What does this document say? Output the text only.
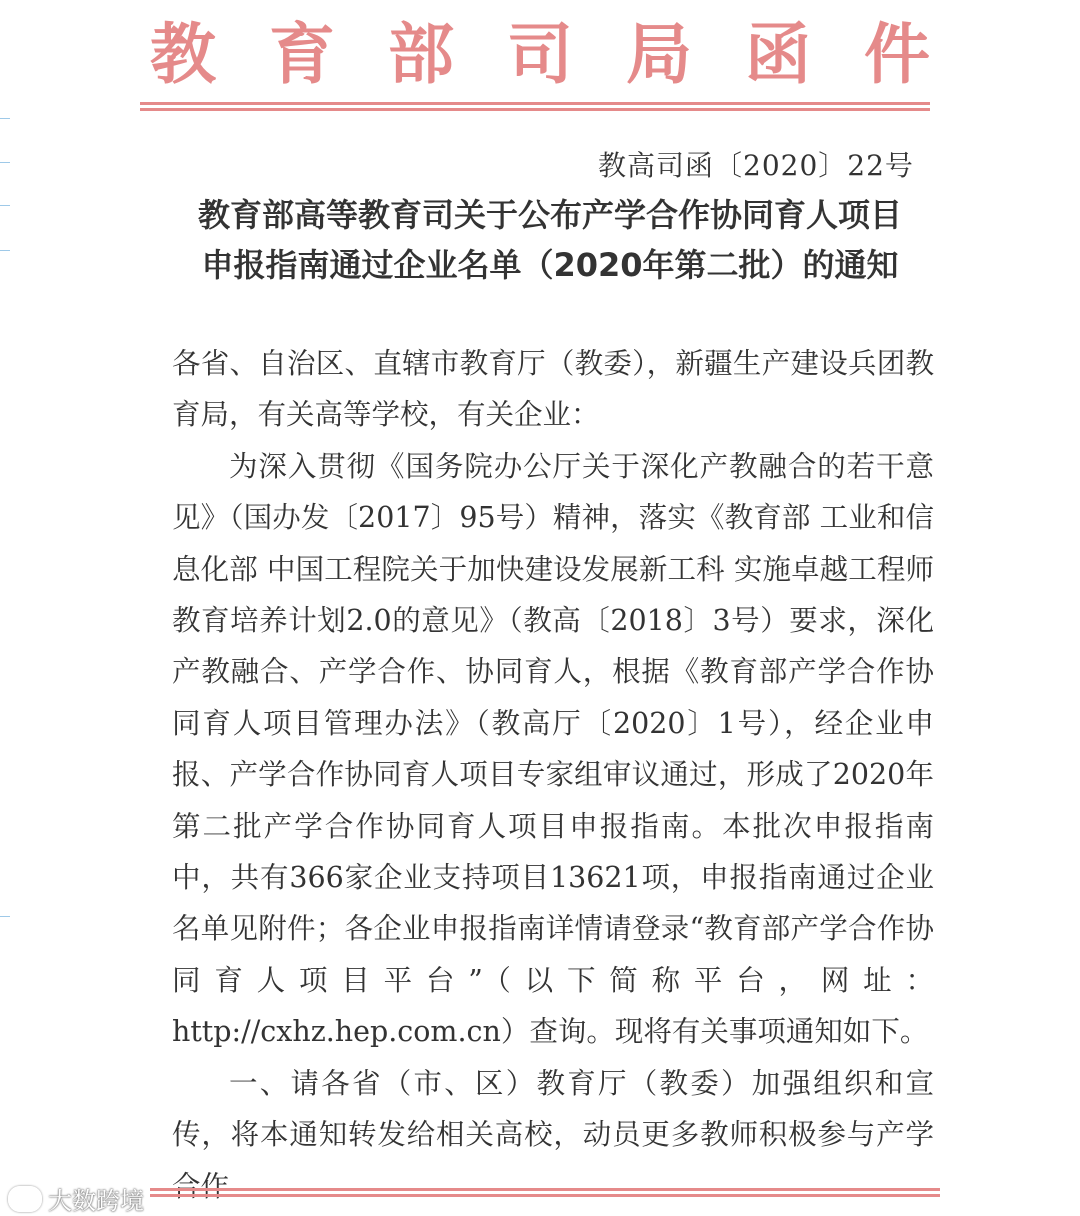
教 育 部 司 局 函 件
教高司函〔2020〕22号
教育部高等教育司关于公布产学合作协同育人项目
申报指南通过企业名单（2020年第二批）的通知

各省、自治区、直辖市教育厅（教委），新疆生产建设兵团教育局，有关高等学校，有关企业：

为深入贯彻《国务院办公厅关于深化产教融合的若干意见》（国办发〔2017〕95号）精神，落实《教育部 工业和信息化部 中国工程院关于加快建设发展新工科 实施卓越工程师教育培养计划2.0的意见》（教高〔2018〕3号）要求，深化产教融合、产学合作、协同育人，根据《教育部产学合作协同育人项目管理办法》（教高厅〔2020〕1号），经企业申报、产学合作协同育人项目专家组审议通过，形成了2020年第二批产学合作协同育人项目申报指南。本批次申报指南中，共有366家企业支持项目13621项，申报指南通过企业名单见附件；各企业申报指南详情请登录“教育部产学合作协同育人项目平台”（以下简称平台，网址：http://cxhz.hep.com.cn）查询。现将有关事项通知如下。

一、请各省（市、区）教育厅（教委）加强组织和宣传，将本通知转发给相关高校，动员更多教师积极参与产学合作

大数跨境
